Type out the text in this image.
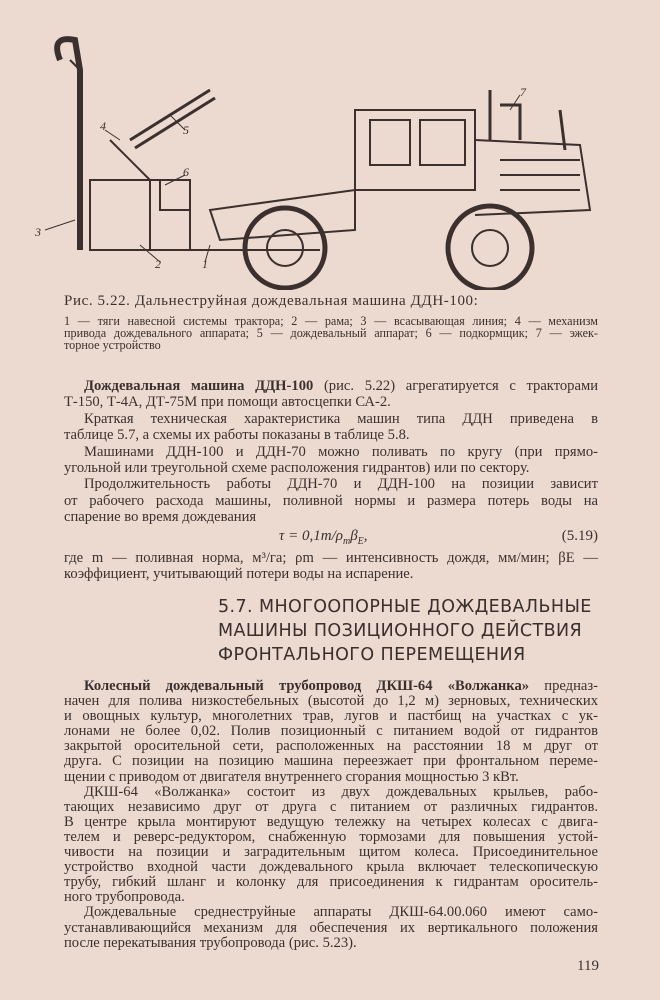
1
2
3
4	5
6
7
Рис. 5.22. Дальнеструйная дождевальная машина ДДН-100:
1 — тяги навесной системы трактора; 2 — рама; 3 — всасывающая линия; 4 — механизм
привода дождевального аппарата; 5 — дождевальный аппарат; 6 — подкормщик; 7 — эжек-
торное устройство
Дождевальная машина ДДН-100 (рис. 5.22) агрегатируется с тракторами
Т-150, Т-4А, ДТ-75М при помощи автосцепки СА-2.
Краткая техническая характеристика машин типа ДДН приведена в
таблице 5.7, а схемы их работы показаны в таблице 5.8.
Машинами ДДН-100 и ДДН-70 можно поливать по кругу (при прямо-
угольной или треугольной схеме расположения гидрантов) или по сектору.
Продолжительность работы ДДН-70 и ДДН-100 на позиции зависит
от рабочего расхода машины, поливной нормы и размера потерь воды на
спарение во время дождевания
$\tau = 0,1m/\rho_m\beta_E$,	(5.19)
где m — поливная норма, м³/га; ρm — интенсивность дождя, мм/мин; βE —
коэффициент, учитывающий потери воды на испарение.
5.7. МНОГООПОРНЫЕ ДОЖДЕВАЛЬНЫЕ
МАШИНЫ ПОЗИЦИОННОГО ДЕЙСТВИЯ
ФРОНТАЛЬНОГО ПЕРЕМЕЩЕНИЯ
Колесный дождевальный трубопровод ДКШ-64 «Волжанка» предназ-
начен для полива низкостебельных (высотой до 1,2 м) зерновых, технических
и овощных культур, многолетних трав, лугов и пастбищ на участках с ук-
лонами не более 0,02. Полив позиционный с питанием водой от гидрантов
закрытой оросительной сети, расположенных на расстоянии 18 м друг от
друга. С позиции на позицию машина переезжает при фронтальном переме-
щении с приводом от двигателя внутреннего сгорания мощностью 3 кВт.
ДКШ-64 «Волжанка» состоит из двух дождевальных крыльев, рабо-
тающих независимо друг от друга с питанием от различных гидрантов.
В центре крыла монтируют ведущую тележку на четырех колесах с двига-
телем и реверс-редуктором, снабженную тормозами для повышения устой-
чивости на позиции и заградительным щитом колеса. Присоединительное
устройство входной части дождевального крыла включает телескопическую
трубу, гибкий шланг и колонку для присоединения к гидрантам ороситель-
ного трубопровода.
Дождевальные среднеструйные аппараты ДКШ-64.00.060 имеют само-
устанавливающийся механизм для обеспечения их вертикального положения
после перекатывания трубопровода (рис. 5.23).
119
